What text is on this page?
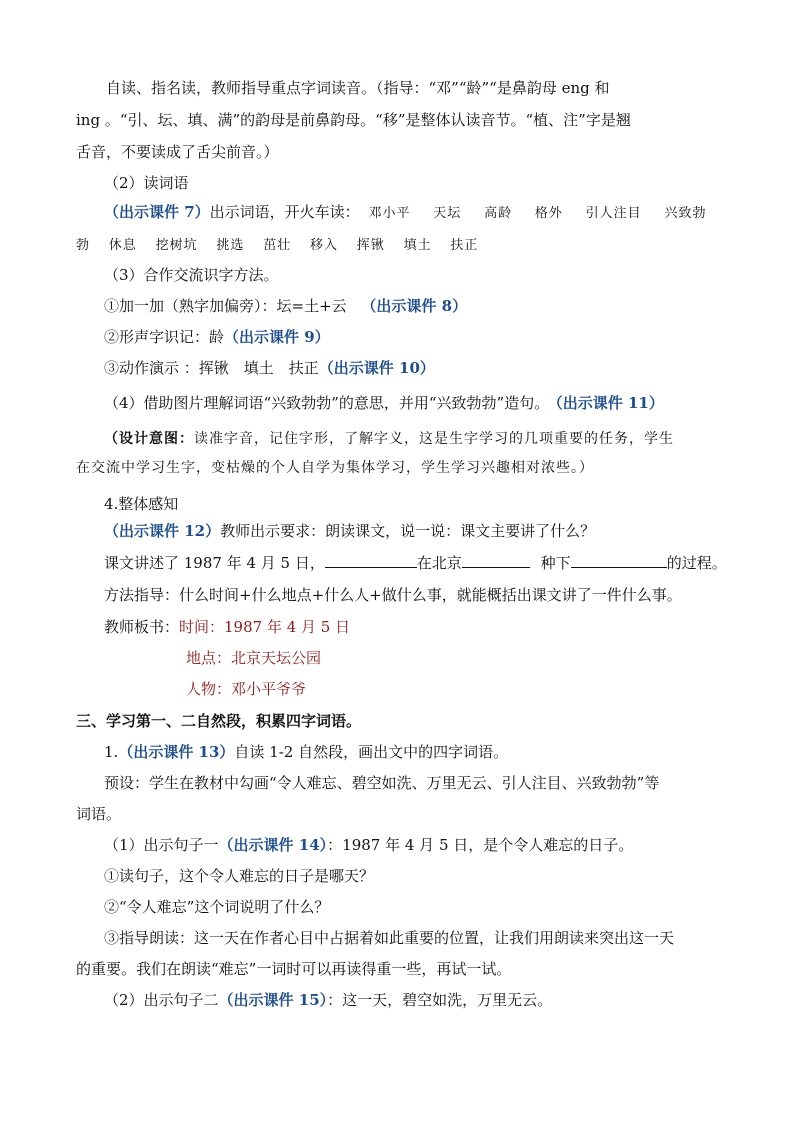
自读、指名读，教师指导重点字词读音。（指导：“邓”“龄”“是鼻韵母 eng 和
ing 。“引、坛、填、满”的韵母是前鼻韵母。“移”是整体认读音节。“植、注”字是翘
舌音，不要读成了舌尖前音。）
（2）读词语
（出示课件 7）出示词语，开火车读： 邓小平 天坛 高龄 格外 引人注目 兴致勃
勃 休息 挖树坑 挑选 茁壮 移入 挥锹 填土 扶正
（3）合作交流识字方法。
①加一加（熟字加偏旁）：坛=土+云 （出示课件 8）
②形声字识记：龄（出示课件 9）
③动作演示 ：挥锹　填土　扶正（出示课件 10）
（4）借助图片理解词语“兴致勃勃”的意思，并用“兴致勃勃”造句。 （出示课件 11）
（设计意图：读准字音，记住字形，了解字义，这是生字学习的几项重要的任务，学生
在交流中学习生字，变枯燥的个人自学为集体学习，学生学习兴趣相对浓些。）
4.整体感知
（出示课件 12）教师出示要求：朗读课文，说一说：课文主要讲了什么？
课文讲述了 1987 年 4 月 5 日，	在北京	种下	的过程。
方法指导：什么时间+什么地点+什么人+做什么事，就能概括出课文讲了一件什么事。
教师板书：时间：1987 年 4 月 5 日
地点：北京天坛公园
人物：邓小平爷爷
三、学习第一、二自然段，积累四字词语。
1.（出示课件 13）自读 1-2 自然段，画出文中的四字词语。
预设：学生在教材中勾画“令人难忘、碧空如洗、万里无云、引人注目、兴致勃勃”等
词语。
（1）出示句子一（出示课件 14）：1987 年 4 月 5 日，是个令人难忘的日子。
①读句子，这个令人难忘的日子是哪天？
②“令人难忘”这个词说明了什么？
③指导朗读：这一天在作者心目中占据着如此重要的位置，让我们用朗读来突出这一天
的重要。我们在朗读“难忘”一词时可以再读得重一些，再试一试。
（2）出示句子二（出示课件 15）：这一天，碧空如洗，万里无云。
